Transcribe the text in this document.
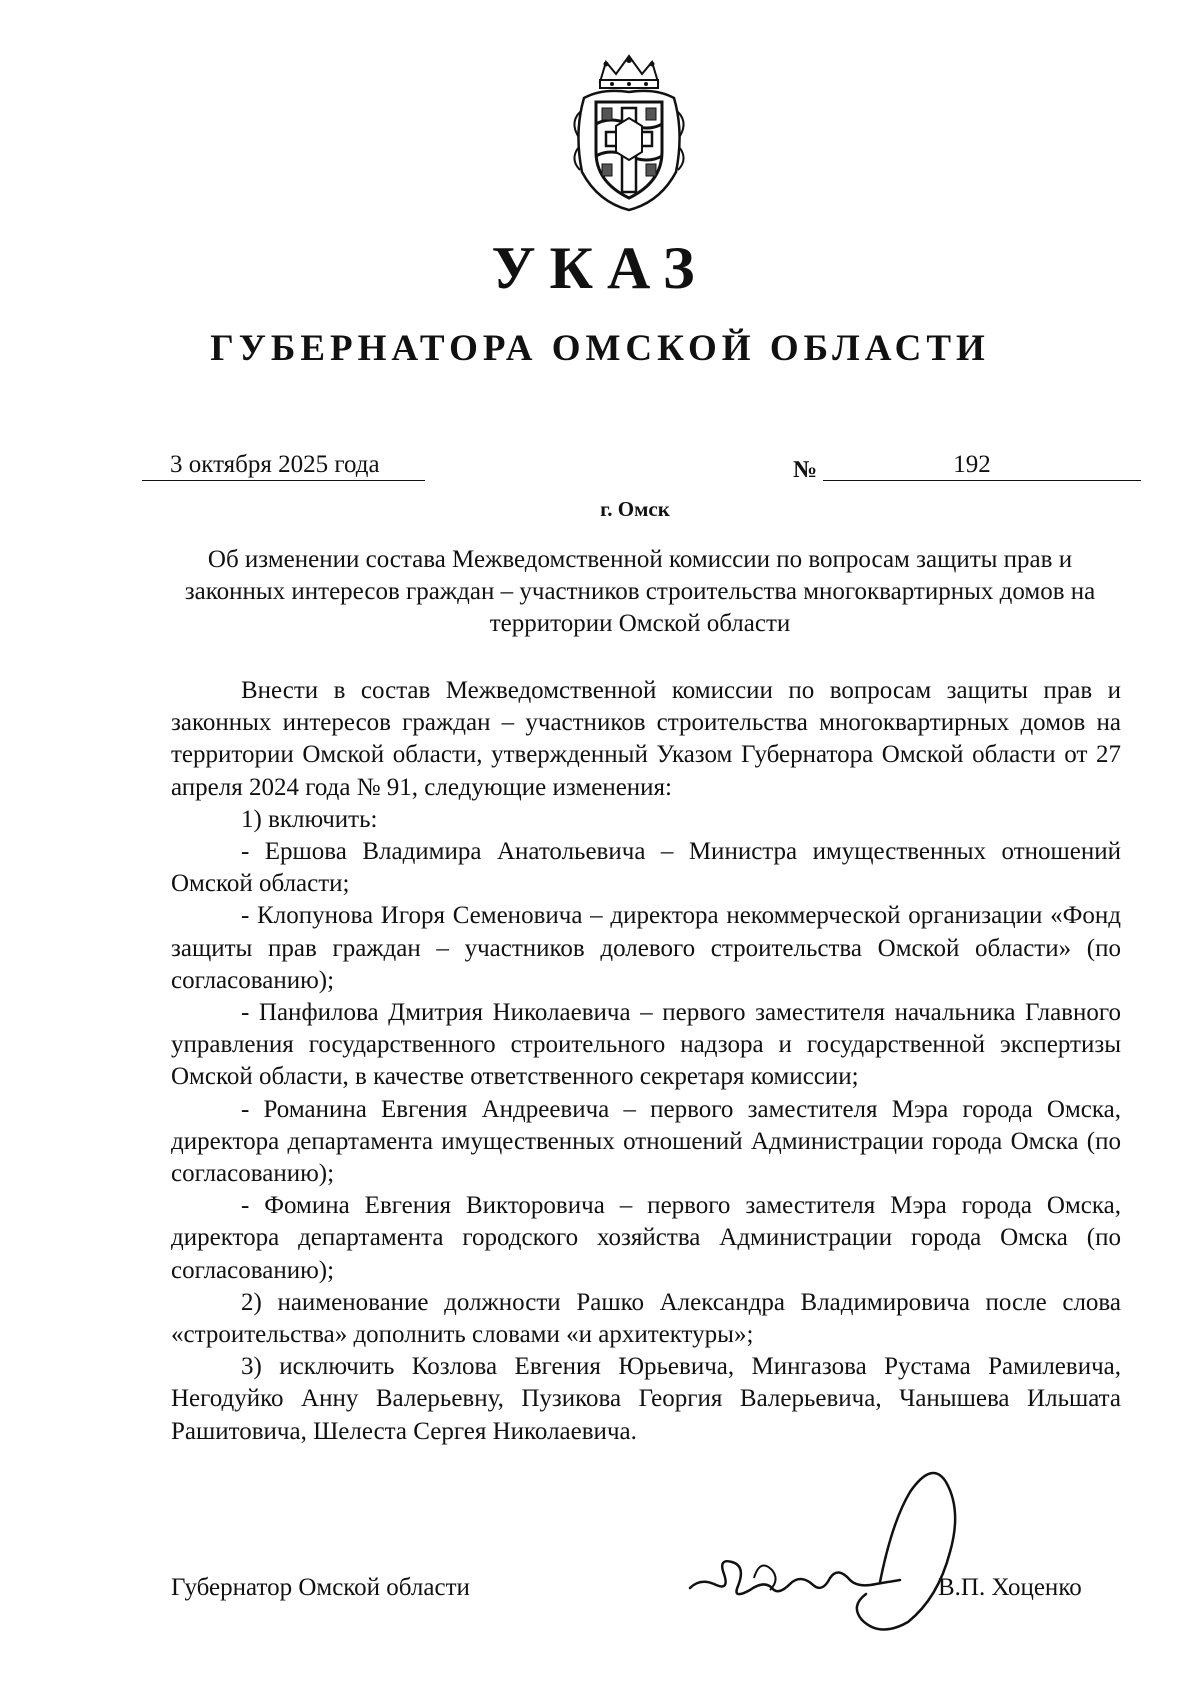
УКАЗ
ГУБЕРНАТОРА ОМСКОЙ ОБЛАСТИ
3 октября 2025 года	№	192
г. Омск
Об изменении состава Межведомственной комиссии по вопросам защиты прав и законных интересов граждан – участников строительства многоквартирных домов на территории Омской области

Внести в состав Межведомственной комиссии по вопросам защиты прав и законных интересов граждан – участников строительства многоквартирных домов на территории Омской области, утвержденный Указом Губернатора Омской области от 27 апреля 2024 года № 91, следующие изменения:

1) включить:

- Ершова Владимира Анатольевича – Министра имущественных отношений Омской области;

- Клопунова Игоря Семеновича – директора некоммерческой организации «Фонд защиты прав граждан – участников долевого строительства Омской области» (по согласованию);

- Панфилова Дмитрия Николаевича – первого заместителя начальника Главного управления государственного строительного надзора и государственной экспертизы Омской области, в качестве ответственного секретаря комиссии;

- Романина Евгения Андреевича – первого заместителя Мэра города Омска, директора департамента имущественных отношений Администрации города Омска (по согласованию);

- Фомина Евгения Викторовича – первого заместителя Мэра города Омска, директора департамента городского хозяйства Администрации города Омска (по согласованию);

2) наименование должности Рашко Александра Владимировича после слова «строительства» дополнить словами «и архитектуры»;

3) исключить Козлова Евгения Юрьевича, Мингазова Рустама Рамилевича, Негодуйко Анну Валерьевну, Пузикова Георгия Валерьевича, Чанышева Ильшата Рашитовича, Шелеста Сергея Николаевича.

Губернатор Омской области	В.П. Хоценко
